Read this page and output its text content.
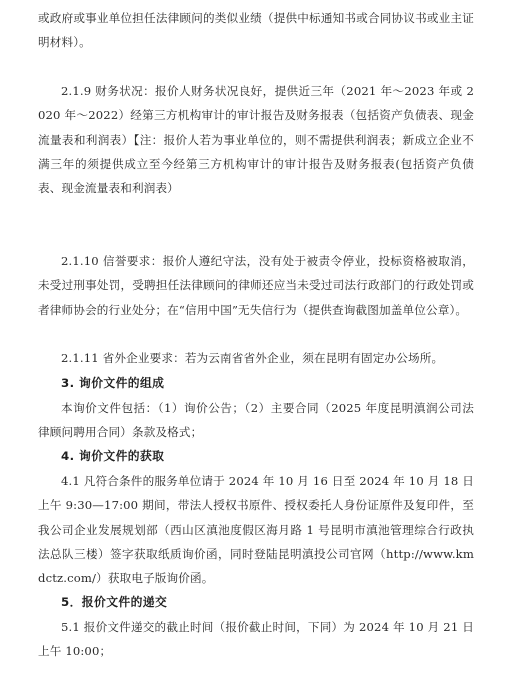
或政府或事业单位担任法律顾问的类似业绩（提供中标通知书或合同协议书或业主证明材料）。

2.1.9 财务状况：报价人财务状况良好，提供近三年（2021 年～2023 年或 2020 年～2022）经第三方机构审计的审计报告及财务报表（包括资产负债表、现金流量表和利润表）【注：报价人若为事业单位的，则不需提供利润表；新成立企业不满三年的须提供成立至今经第三方机构审计的审计报告及财务报表(包括资产负债表、现金流量表和利润表）

2.1.10 信誉要求：报价人遵纪守法，没有处于被责令停业，投标资格被取消，未受过刑事处罚，受聘担任法律顾问的律师还应当未受过司法行政部门的行政处罚或者律师协会的行业处分；在“信用中国”无失信行为（提供查询截图加盖单位公章）。

2.1.11 省外企业要求：若为云南省省外企业，须在昆明有固定办公场所。

3. 询价文件的组成

本询价文件包括：（1）询价公告；（2）主要合同（2025 年度昆明滇润公司法律顾问聘用合同）条款及格式；

4. 询价文件的获取

4.1 凡符合条件的服务单位请于 2024 年 10 月 16 日至 2024 年 10 月 18 日上午 9:30—17:00 期间，带法人授权书原件、授权委托人身份证原件及复印件，至我公司企业发展规划部（西山区滇池度假区海月路 1 号昆明市滇池管理综合行政执法总队三楼）签字获取纸质询价函，同时登陆昆明滇投公司官网（http://www.kmdctz.com/）获取电子版询价函。

5．报价文件的递交

5.1 报价文件递交的截止时间（报价截止时间，下同）为 2024 年 10 月 21 日上午 10:00；
